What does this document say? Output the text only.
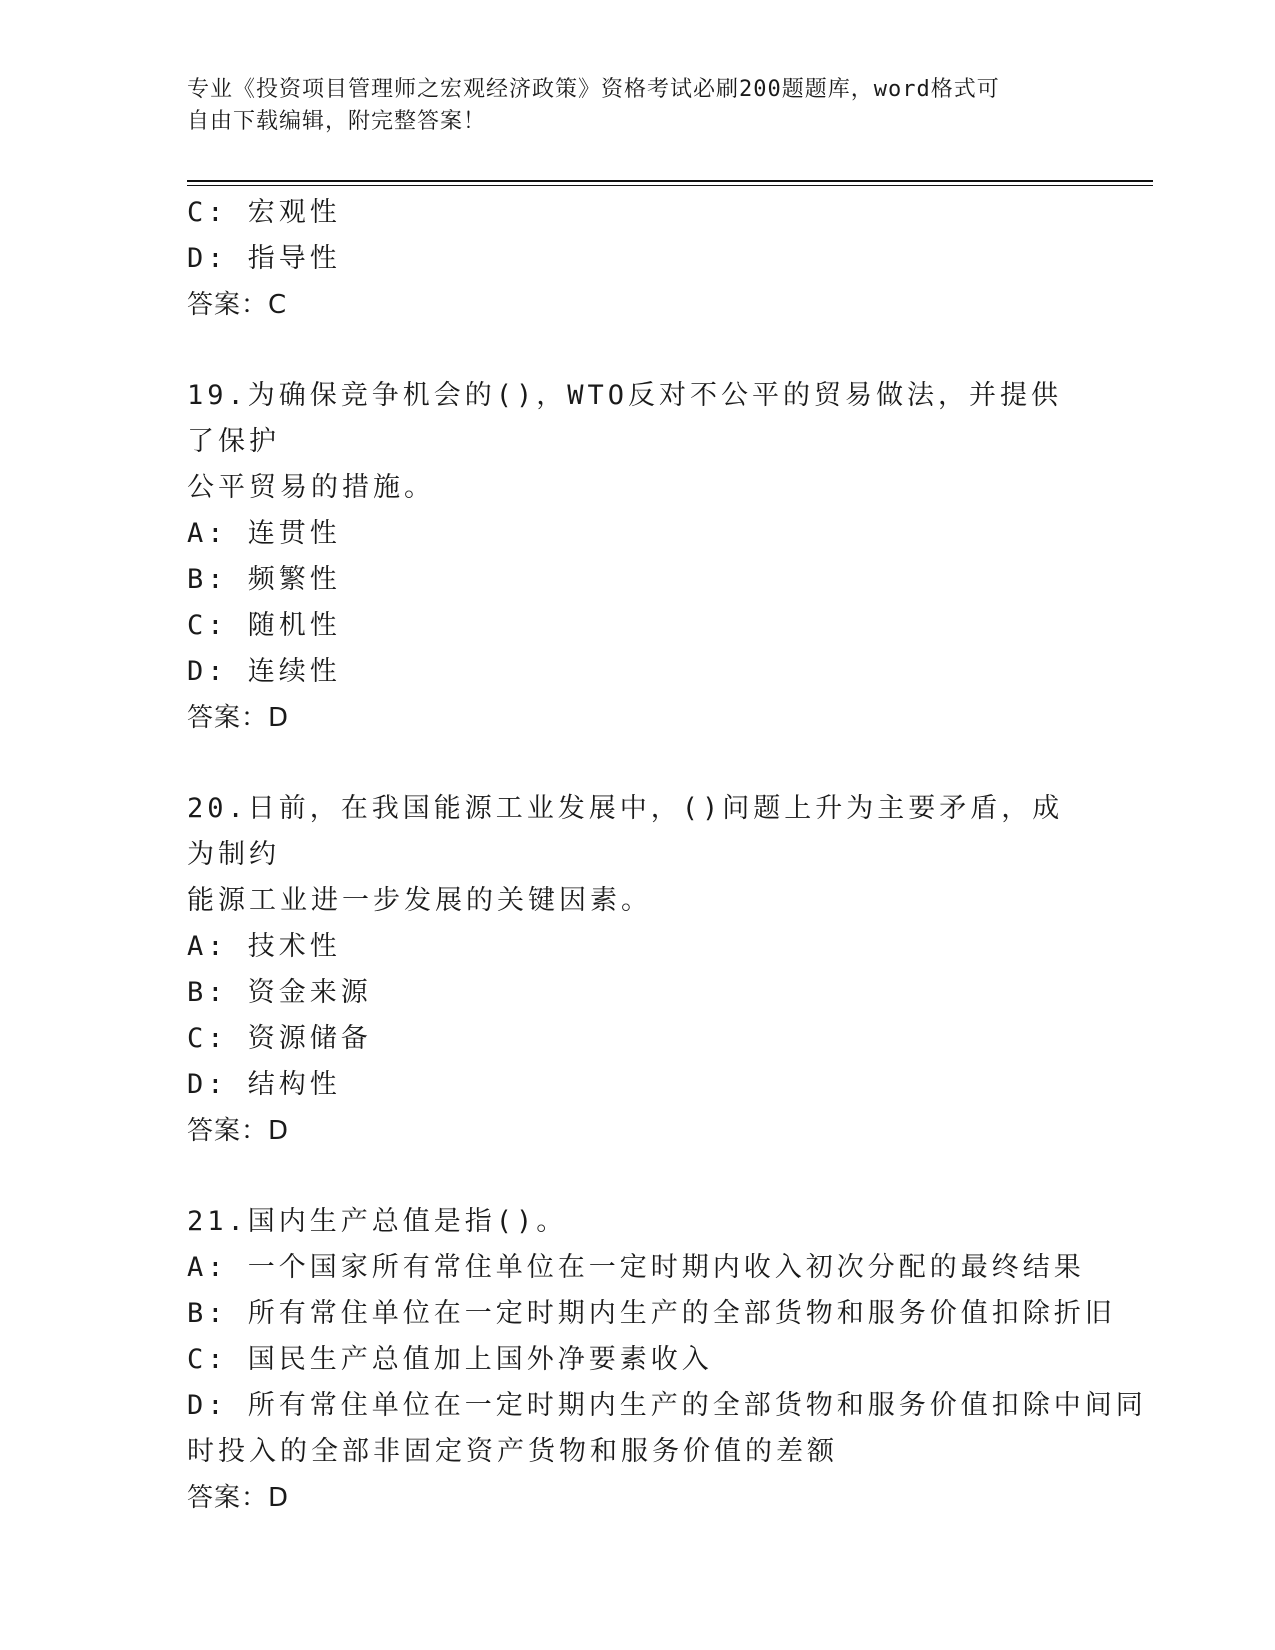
专业《投资项目管理师之宏观经济政策》资格考试必刷200题题库，word格式可
自由下载编辑，附完整答案！
C: 宏观性
D: 指导性
答案：C
19.为确保竞争机会的()，WTO反对不公平的贸易做法，并提供了保护
公平贸易的措施。
A: 连贯性
B: 频繁性
C: 随机性
D: 连续性
答案：D
20.日前，在我国能源工业发展中，()问题上升为主要矛盾，成为制约
能源工业进一步发展的关键因素。
A: 技术性
B: 资金来源
C: 资源储备
D: 结构性
答案：D
21.国内生产总值是指()。
A: 一个国家所有常住单位在一定时期内收入初次分配的最终结果
B: 所有常住单位在一定时期内生产的全部货物和服务价值扣除折旧
C: 国民生产总值加上国外净要素收入
D: 所有常住单位在一定时期内生产的全部货物和服务价值扣除中间同
时投入的全部非固定资产货物和服务价值的差额
答案：D
